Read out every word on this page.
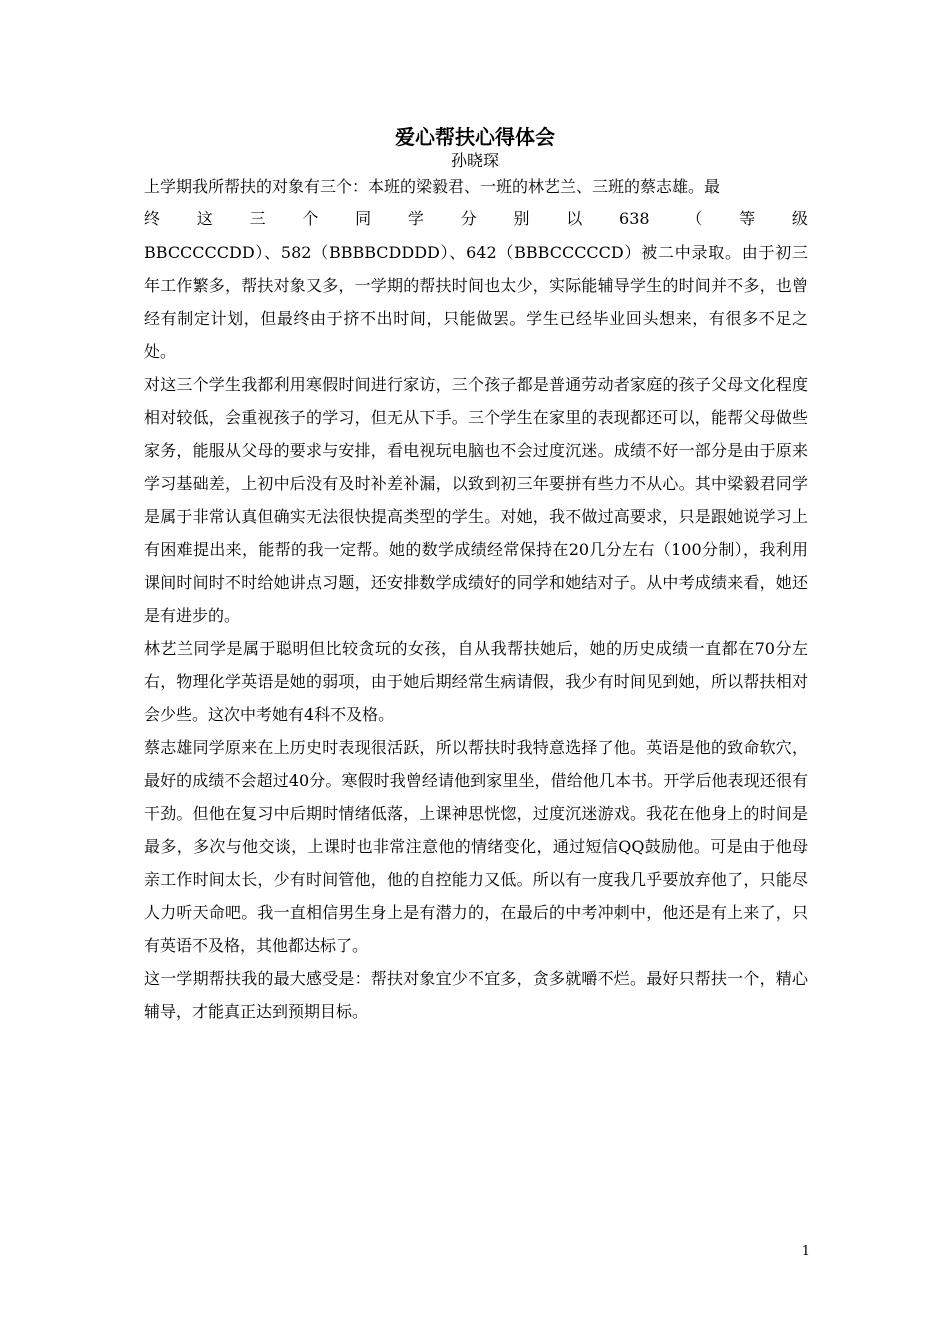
爱心帮扶心得体会
孙晓琛

上学期我所帮扶的对象有三个：本班的梁毅君、一班的林艺兰、三班的蔡志雄。最

终 这 三 个 同 学 分 别 以 638 （ 等 级

BBCCCCCDD）、582（BBBBCDDDD）、642（BBBCCCCCD）被二中录取。由于初三年工作繁多，帮扶对象又多，一学期的帮扶时间也太少，实际能辅导学生的时间并不多，也曾经有制定计划，但最终由于挤不出时间，只能做罢。学生已经毕业回头想来，有很多不足之处。

对这三个学生我都利用寒假时间进行家访，三个孩子都是普通劳动者家庭的孩子父母文化程度相对较低，会重视孩子的学习，但无从下手。三个学生在家里的表现都还可以，能帮父母做些家务，能服从父母的要求与安排，看电视玩电脑也不会过度沉迷。成绩不好一部分是由于原来学习基础差，上初中后没有及时补差补漏，以致到初三年要拼有些力不从心。其中梁毅君同学是属于非常认真但确实无法很快提高类型的学生。对她，我不做过高要求，只是跟她说学习上有困难提出来，能帮的我一定帮。她的数学成绩经常保持在20几分左右（100分制），我利用课间时间时不时给她讲点习题，还安排数学成绩好的同学和她结对子。从中考成绩来看，她还是有进步的。

林艺兰同学是属于聪明但比较贪玩的女孩，自从我帮扶她后，她的历史成绩一直都在70分左右，物理化学英语是她的弱项，由于她后期经常生病请假，我少有时间见到她，所以帮扶相对会少些。这次中考她有4科不及格。

蔡志雄同学原来在上历史时表现很活跃，所以帮扶时我特意选择了他。英语是他的致命软穴，最好的成绩不会超过40分。寒假时我曾经请他到家里坐，借给他几本书。开学后他表现还很有干劲。但他在复习中后期时情绪低落，上课神思恍惚，过度沉迷游戏。我花在他身上的时间是最多，多次与他交谈，上课时也非常注意他的情绪变化，通过短信QQ鼓励他。可是由于他母亲工作时间太长，少有时间管他，他的自控能力又低。所以有一度我几乎要放弃他了，只能尽人力听天命吧。我一直相信男生身上是有潜力的，在最后的中考冲刺中，他还是有上来了，只有英语不及格，其他都达标了。

这一学期帮扶我的最大感受是：帮扶对象宜少不宜多，贪多就嚼不烂。最好只帮扶一个，精心辅导，才能真正达到预期目标。

1
